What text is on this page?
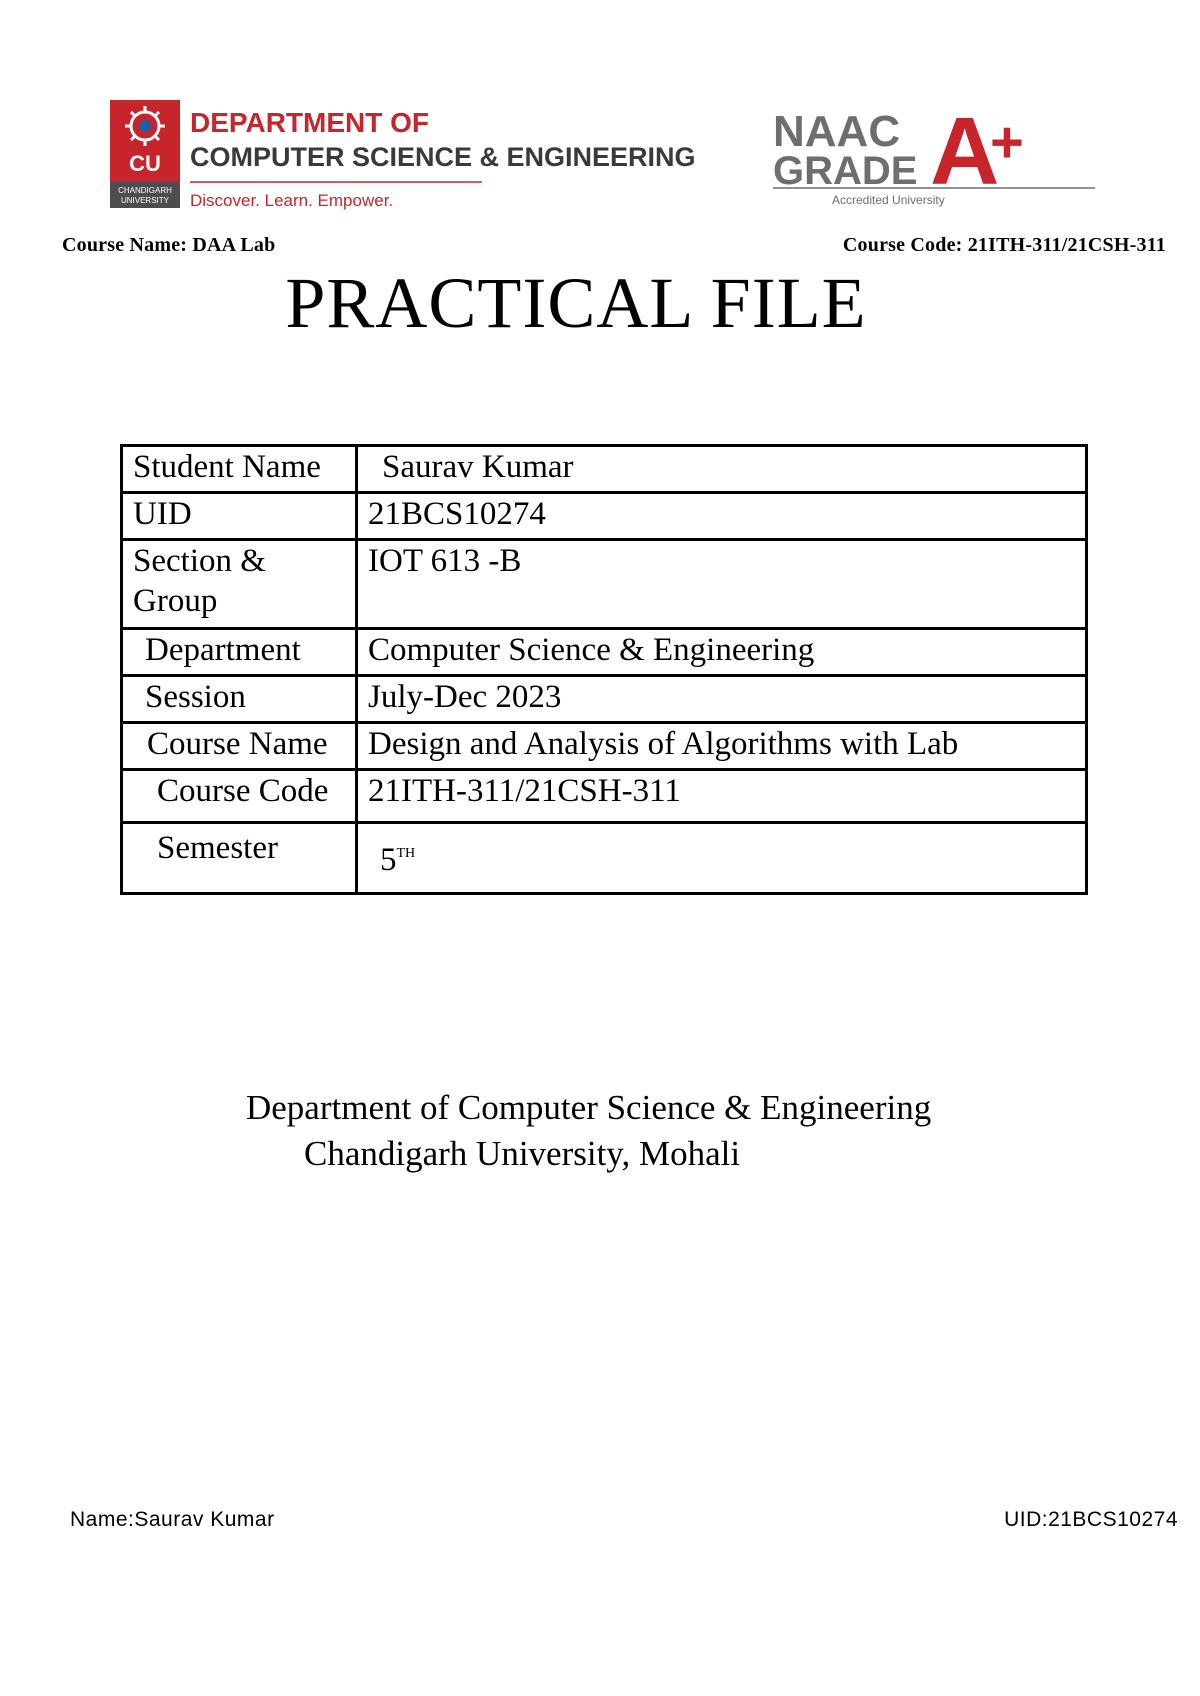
CU
CHANDIGARH
UNIVERSITY
DEPARTMENT OF
COMPUTER SCIENCE & ENGINEERING
Discover. Learn. Empower.
NAAC
GRADE A
+
Accredited University
Course Name: DAA Lab	Course Code: 21ITH-311/21CSH-311
PRACTICAL FILE
Student Name	Saurav Kumar
UID	21BCS10274
Section & Group	IOT 613 -B
Department	Computer Science & Engineering
Session	July-Dec 2023
Course Name	Design and Analysis of Algorithms with Lab
Course Code	21ITH-311/21CSH-311
Semester	5TH
Department of Computer Science & Engineering
Chandigarh University, Mohali
Name:Saurav Kumar	UID:21BCS10274
